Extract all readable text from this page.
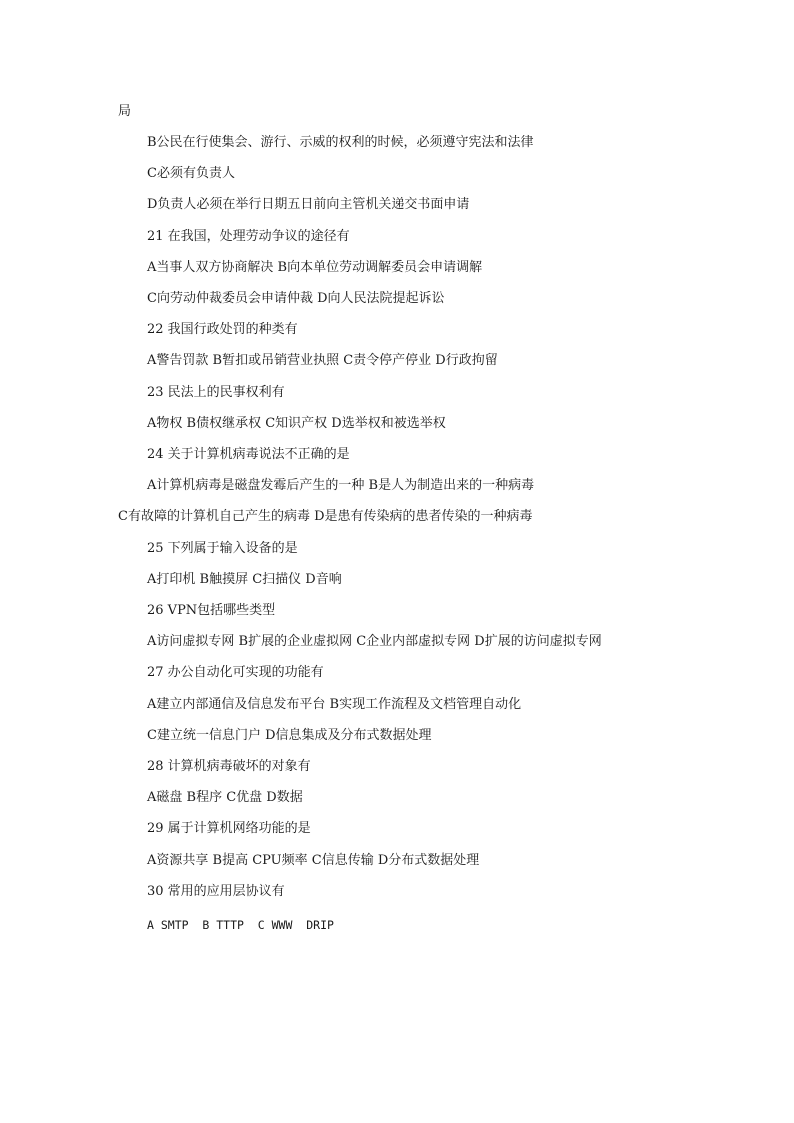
局

B公民在行使集会、游行、示威的权利的时候，必须遵守宪法和法律

C必须有负责人

D负责人必须在举行日期五日前向主管机关递交书面申请

21 在我国，处理劳动争议的途径有

A当事人双方协商解决 B向本单位劳动调解委员会申请调解

C向劳动仲裁委员会申请仲裁 D向人民法院提起诉讼

22 我国行政处罚的种类有

A警告罚款 B暂扣或吊销营业执照 C责令停产停业 D行政拘留

23 民法上的民事权利有

A物权 B债权继承权 C知识产权 D选举权和被选举权

24 关于计算机病毒说法不正确的是

A计算机病毒是磁盘发霉后产生的一种 B是人为制造出来的一种病毒

C有故障的计算机自己产生的病毒 D是患有传染病的患者传染的一种病毒

25 下列属于输入设备的是

A打印机 B触摸屏 C扫描仪 D音响

26 VPN包括哪些类型

A访问虚拟专网 B扩展的企业虚拟网 C企业内部虚拟专网 D扩展的访问虚拟专网

27 办公自动化可实现的功能有

A建立内部通信及信息发布平台 B实现工作流程及文档管理自动化

C建立统一信息门户 D信息集成及分布式数据处理

28 计算机病毒破坏的对象有

A磁盘 B程序 C优盘 D数据

29 属于计算机网络功能的是

A资源共享 B提高 CPU频率 C信息传输 D分布式数据处理

30 常用的应用层协议有

A SMTP  B TTTP  C WWW  DRIP
